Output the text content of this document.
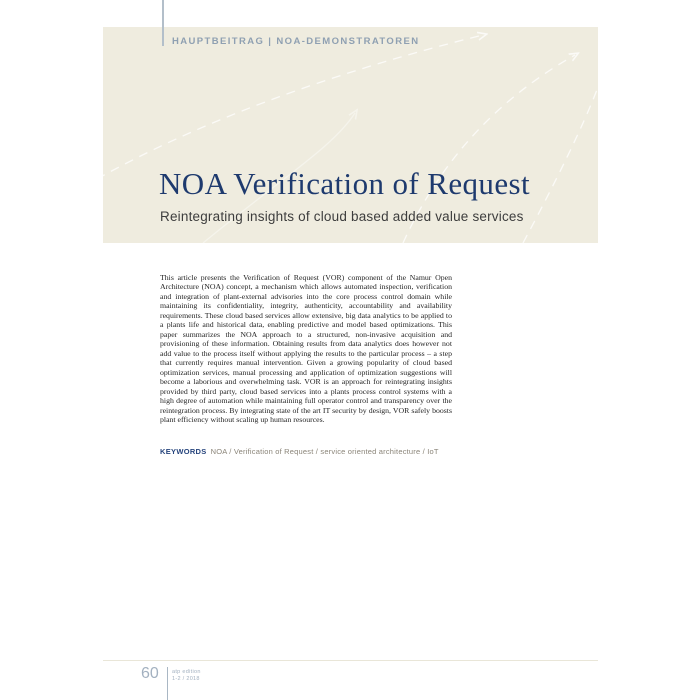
HAUPTBEITRAG | NOA-DEMONSTRATOREN
NOA Verification of Request
Reintegrating insights of cloud based added value services

This article presents the Verification of Request (VOR) component of the Namur Open Architecture (NOA) concept, a mechanism which allows automated inspection, verification and integration of plant-external advisories into the core process control domain while maintaining its confidentiality, integrity, authenticity, accountability and availability requirements. These cloud based services allow extensive, big data analytics to be applied to a plants life and historical data, enabling predictive and model based optimizations. This paper summarizes the NOA approach to a structured, non-invasive acquisition and provisioning of these information. Obtaining results from data analytics does however not add value to the process itself without applying the results to the particular process – a step that currently requires manual intervention. Given a growing popularity of cloud based optimization services, manual processing and application of optimization suggestions will become a laborious and overwhelming task. VOR is an approach for reintegrating insights provided by third party, cloud based services into a plants process control systems with a high degree of automation while maintaining full operator control and transparency over the reintegration process. By integrating state of the art IT security by design, VOR safely boosts plant efficiency without scaling up human resources.

KEYWORDS NOA / Verification of Request / service oriented architecture / IoT
60 atp edition
1-2 / 2018
